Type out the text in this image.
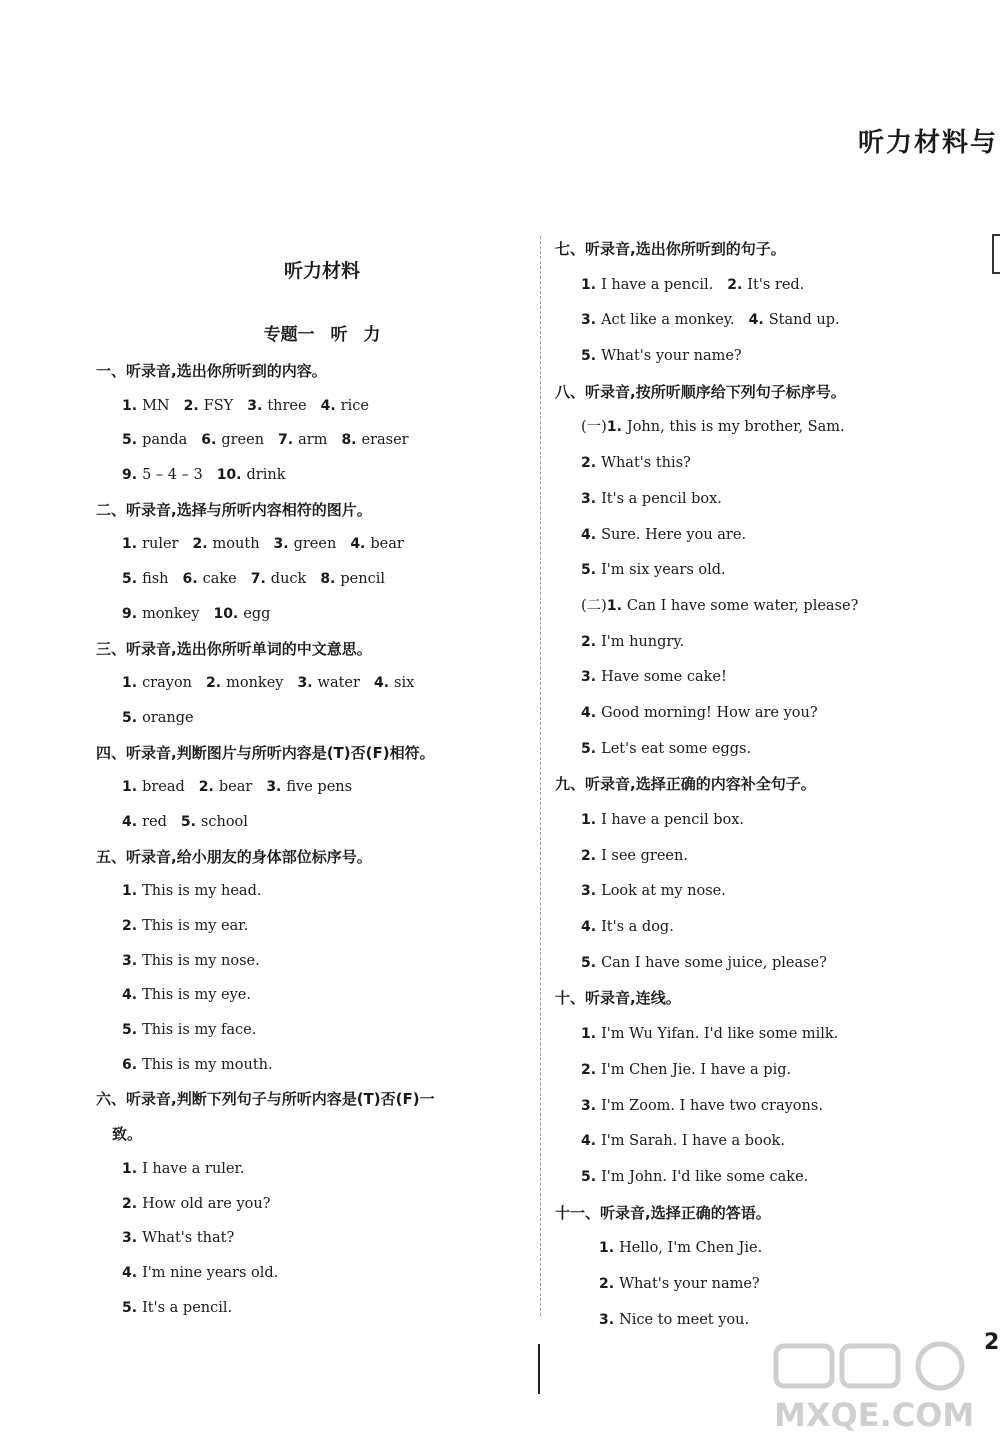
听力材料与
听力材料
专题一 听 力
一、听录音,选出你所听到的内容。
1. MN 2. FSY 3. three 4. rice
5. panda 6. green 7. arm 8. eraser
9. 5 – 4 – 3 10. drink
二、听录音,选择与所听内容相符的图片。
1. ruler 2. mouth 3. green 4. bear
5. fish 6. cake 7. duck 8. pencil
9. monkey 10. egg
三、听录音,选出你所听单词的中文意思。
1. crayon 2. monkey 3. water 4. six
5. orange
四、听录音,判断图片与所听内容是(T)否(F)相符。
1. bread 2. bear 3. five pens
4. red 5. school
五、听录音,给小朋友的身体部位标序号。
1. This is my head.
2. This is my ear.
3. This is my nose.
4. This is my eye.
5. This is my face.
6. This is my mouth.
六、听录音,判断下列句子与所听内容是(T)否(F)一
致。
1. I have a ruler.
2. How old are you?
3. What's that?
4. I'm nine years old.
5. It's a pencil.
七、听录音,选出你所听到的句子。
1. I have a pencil. 2. It's red.
3. Act like a monkey. 4. Stand up.
5. What's your name?
八、听录音,按所听顺序给下列句子标序号。
(一)1. John, this is my brother, Sam.
2. What's this?
3. It's a pencil box.
4. Sure. Here you are.
5. I'm six years old.
(二)1. Can I have some water, please?
2. I'm hungry.
3. Have some cake!
4. Good morning! How are you?
5. Let's eat some eggs.
九、听录音,选择正确的内容补全句子。
1. I have a pencil box.
2. I see green.
3. Look at my nose.
4. It's a dog.
5. Can I have some juice, please?
十、听录音,连线。
1. I'm Wu Yifan. I'd like some milk.
2. I'm Chen Jie. I have a pig.
3. I'm Zoom. I have two crayons.
4. I'm Sarah. I have a book.
5. I'm John. I'd like some cake.
十一、听录音,选择正确的答语。
1. Hello, I'm Chen Jie.
2. What's your name?
3. Nice to meet you.
2
MXQE.COM
